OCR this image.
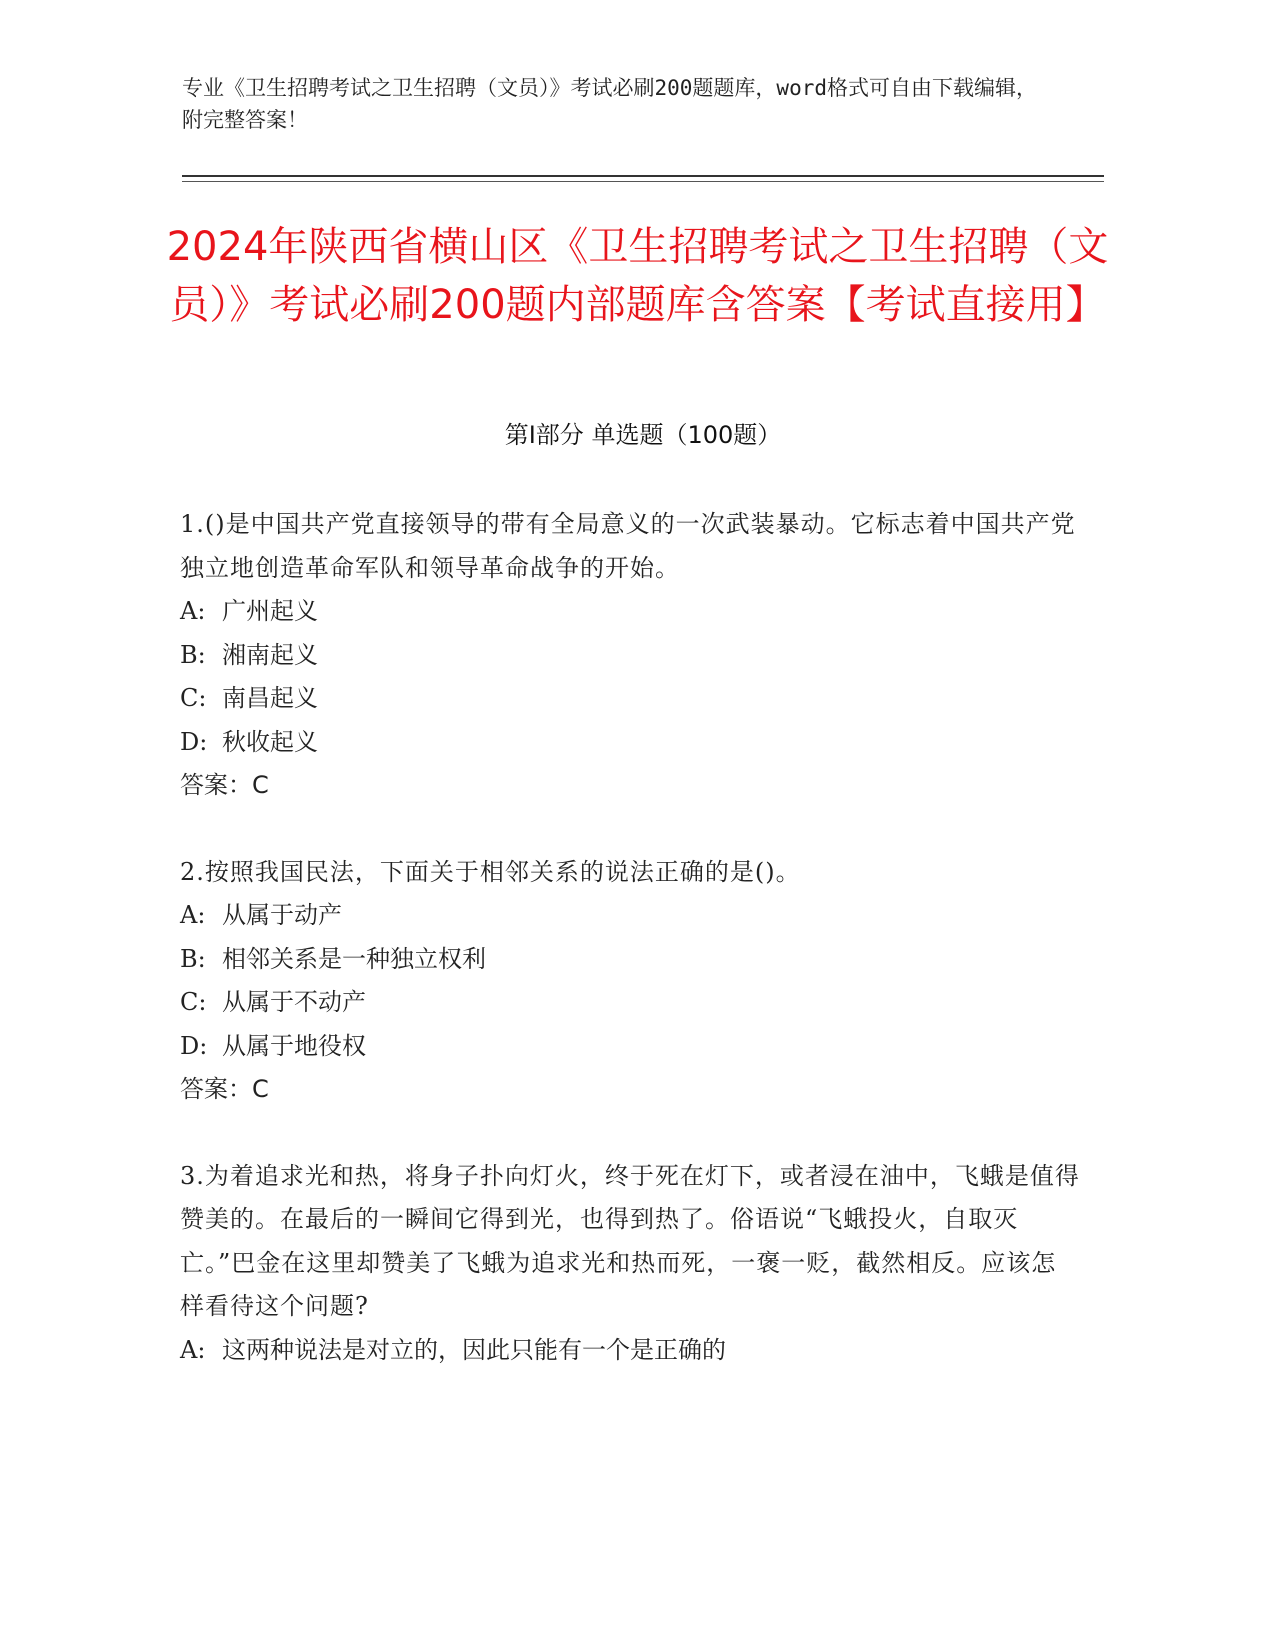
专业《卫生招聘考试之卫生招聘（文员）》考试必刷200题题库，word格式可自由下载编辑，附完整答案！
2024年陕西省横山区《卫生招聘考试之卫生招聘（文员）》考试必刷200题内部题库含答案【考试直接用】
第I部分 单选题（100题）

1.()是中国共产党直接领导的带有全局意义的一次武装暴动。它标志着中国共产党独立地创造革命军队和领导革命战争的开始。

A: 广州起义
B: 湘南起义
C: 南昌起义
D: 秋收起义
答案：C

2.按照我国民法，下面关于相邻关系的说法正确的是()。

A: 从属于动产
B: 相邻关系是一种独立权利
C: 从属于不动产
D: 从属于地役权
答案：C

3.为着追求光和热，将身子扑向灯火，终于死在灯下，或者浸在油中，飞蛾是值得赞美的。在最后的一瞬间它得到光，也得到热了。俗语说“飞蛾投火，自取灭亡。”巴金在这里却赞美了飞蛾为追求光和热而死，一褒一贬，截然相反。应该怎样看待这个问题?

A: 这两种说法是对立的，因此只能有一个是正确的
